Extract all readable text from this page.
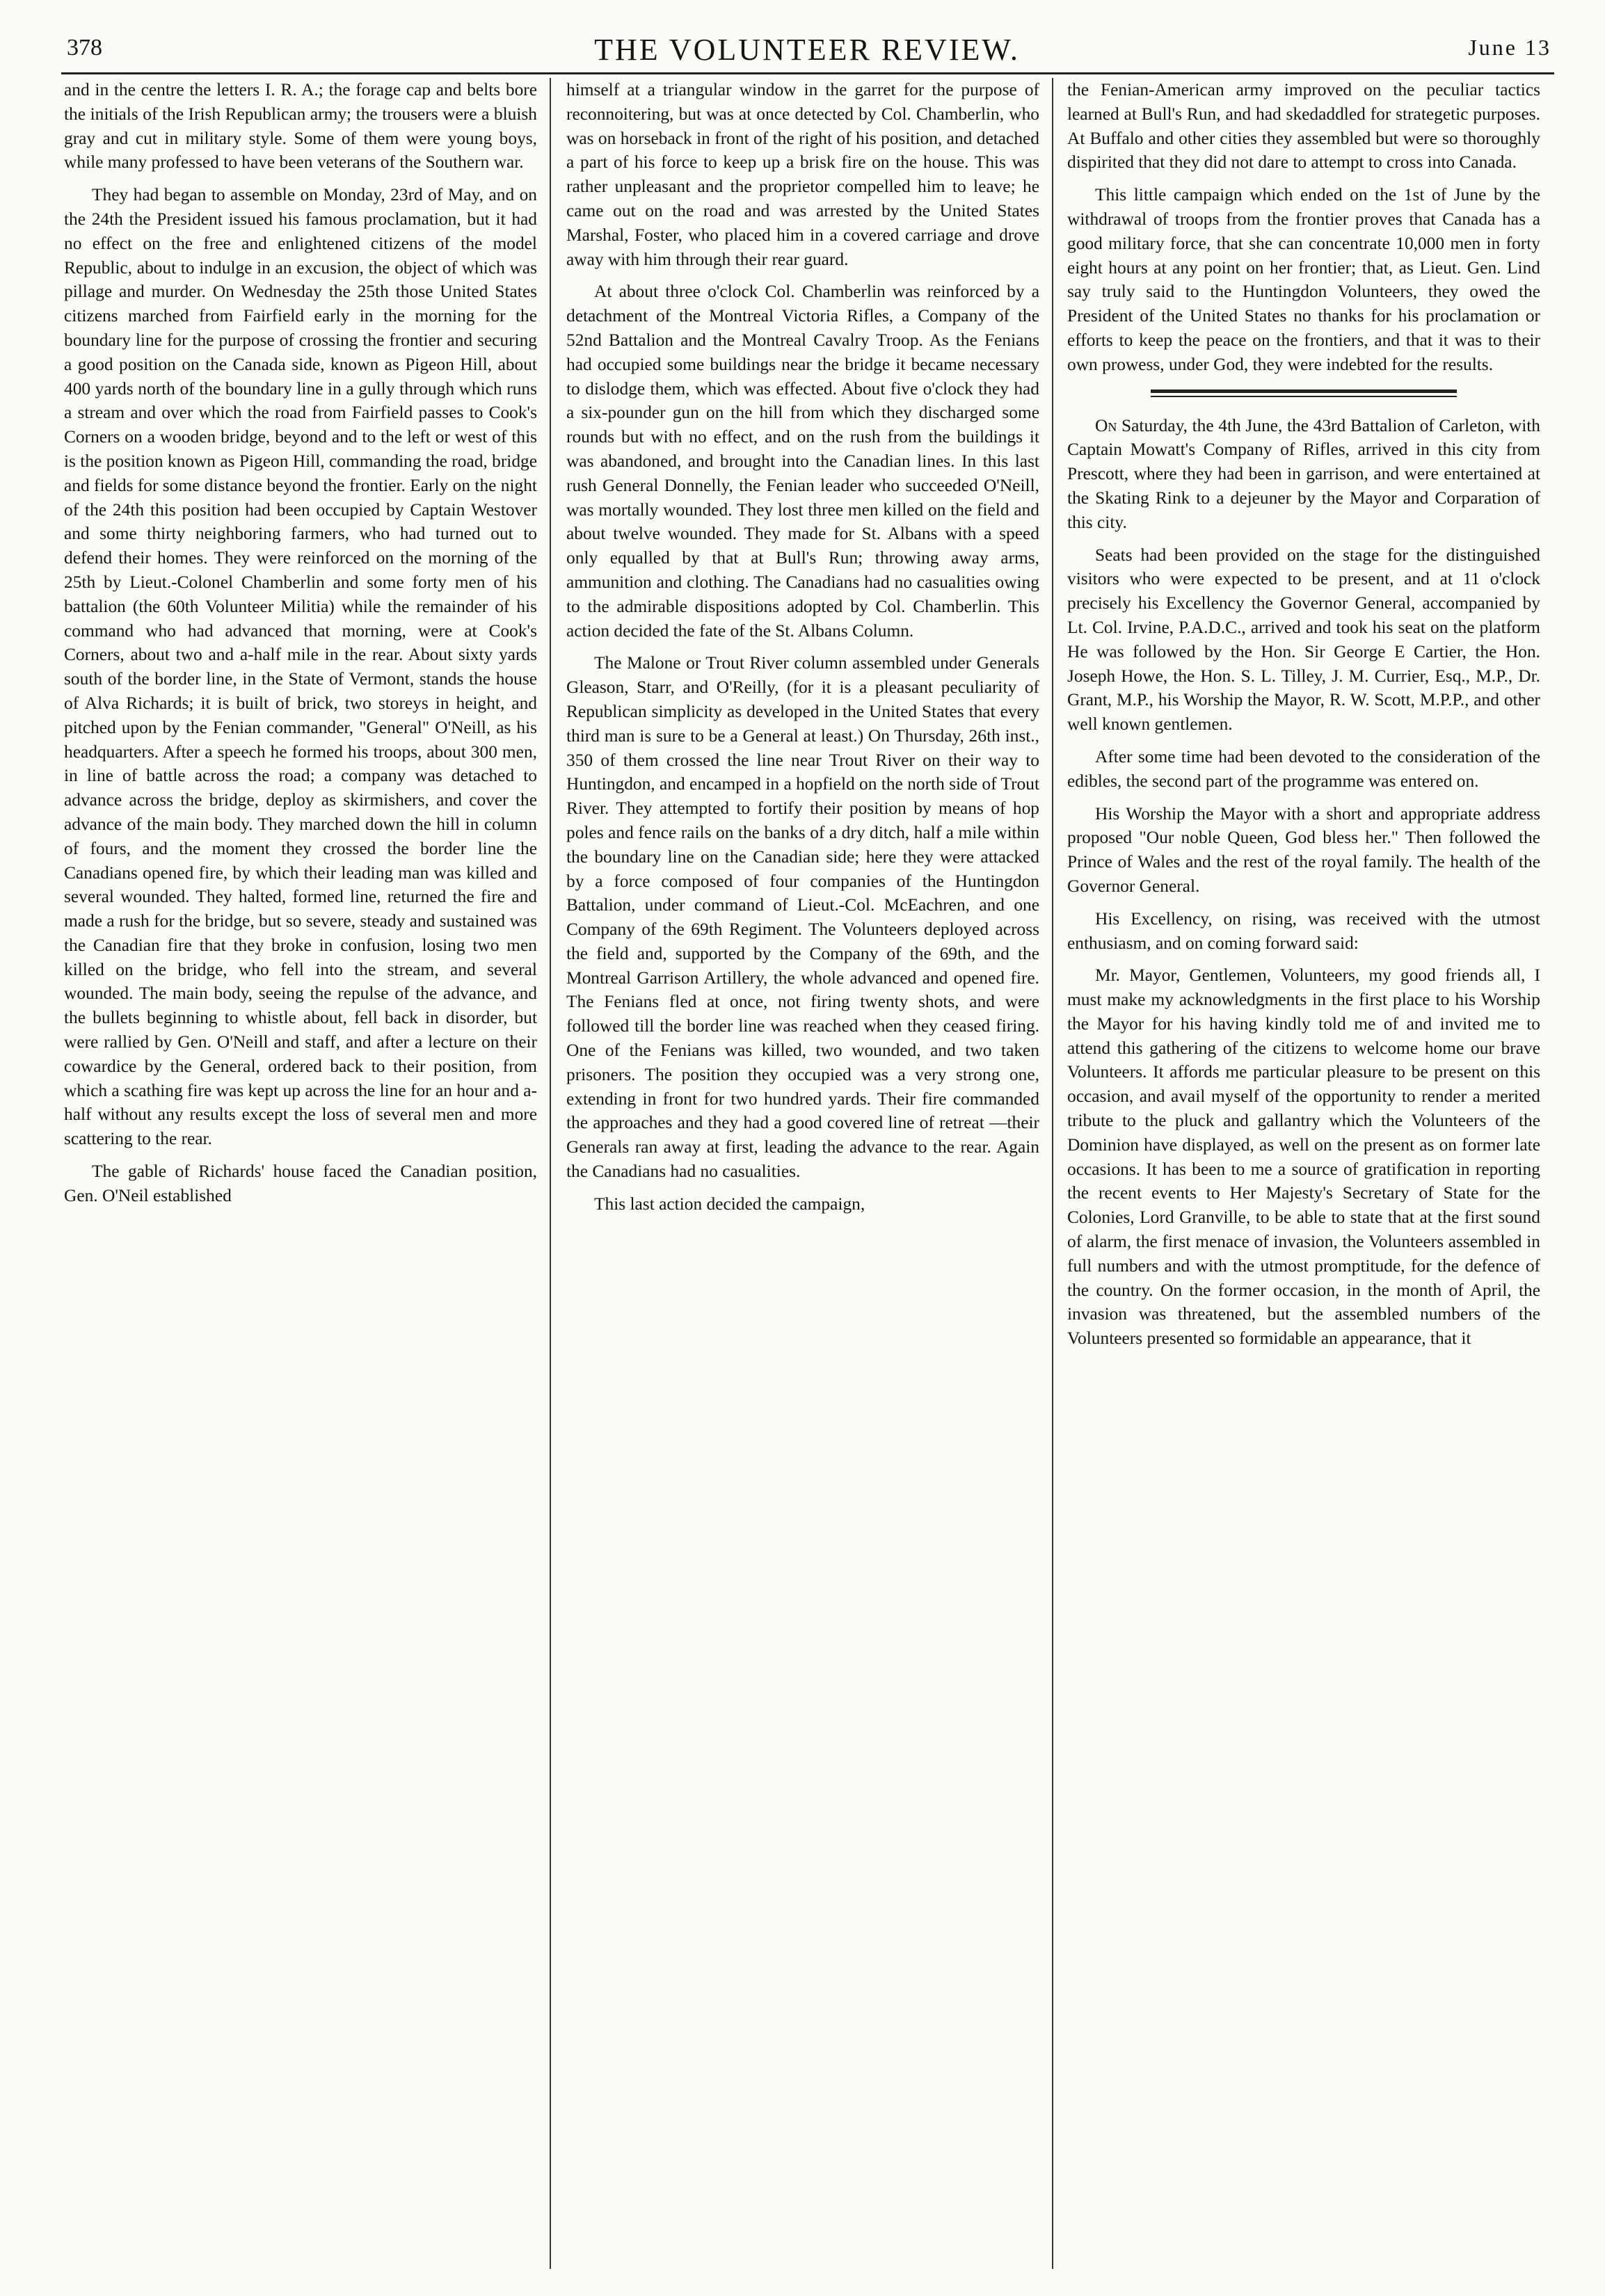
378	THE VOLUNTEER REVIEW.	June 13

and in the centre the letters I. R. A.; the forage cap and belts bore the initials of the Irish Republican army; the trousers were a bluish gray and cut in military style. Some of them were young boys, while many professed to have been veterans of the Southern war.

They had began to assemble on Monday, 23rd of May, and on the 24th the President issued his famous proclamation, but it had no effect on the free and enlightened citizens of the model Republic, about to indulge in an excusion, the object of which was pillage and murder. On Wednesday the 25th those United States citizens marched from Fairfield early in the morning for the boundary line for the purpose of crossing the frontier and securing a good position on the Canada side, known as Pigeon Hill, about 400 yards north of the boundary line in a gully through which runs a stream and over which the road from Fairfield passes to Cook's Corners on a wooden bridge, beyond and to the left or west of this is the position known as Pigeon Hill, commanding the road, bridge and fields for some distance beyond the frontier. Early on the night of the 24th this position had been occupied by Captain Westover and some thirty neighboring farmers, who had turned out to defend their homes. They were reinforced on the morning of the 25th by Lieut.-Colonel Chamberlin and some forty men of his battalion (the 60th Volunteer Militia) while the remainder of his command who had advanced that morning, were at Cook's Corners, about two and a-half mile in the rear. About sixty yards south of the border line, in the State of Vermont, stands the house of Alva Richards; it is built of brick, two storeys in height, and pitched upon by the Fenian commander, "General" O'Neill, as his headquarters. After a speech he formed his troops, about 300 men, in line of battle across the road; a company was detached to advance across the bridge, deploy as skirmishers, and cover the advance of the main body. They marched down the hill in column of fours, and the moment they crossed the border line the Canadians opened fire, by which their leading man was killed and several wounded. They halted, formed line, returned the fire and made a rush for the bridge, but so severe, steady and sustained was the Canadian fire that they broke in confusion, losing two men killed on the bridge, who fell into the stream, and several wounded. The main body, seeing the repulse of the advance, and the bullets beginning to whistle about, fell back in disorder, but were rallied by Gen. O'Neill and staff, and after a lecture on their cowardice by the General, ordered back to their position, from which a scathing fire was kept up across the line for an hour and a-half without any results except the loss of several men and more scattering to the rear.

The gable of Richards' house faced the Canadian position, Gen. O'Neil established

himself at a triangular window in the garret for the purpose of reconnoitering, but was at once detected by Col. Chamberlin, who was on horseback in front of the right of his position, and detached a part of his force to keep up a brisk fire on the house. This was rather unpleasant and the proprietor compelled him to leave; he came out on the road and was arrested by the United States Marshal, Foster, who placed him in a covered carriage and drove away with him through their rear guard.

At about three o'clock Col. Chamberlin was reinforced by a detachment of the Montreal Victoria Rifles, a Company of the 52nd Battalion and the Montreal Cavalry Troop. As the Fenians had occupied some buildings near the bridge it became necessary to dislodge them, which was effected. About five o'clock they had a six-pounder gun on the hill from which they discharged some rounds but with no effect, and on the rush from the buildings it was abandoned, and brought into the Canadian lines. In this last rush General Donnelly, the Fenian leader who succeeded O'Neill, was mortally wounded. They lost three men killed on the field and about twelve wounded. They made for St. Albans with a speed only equalled by that at Bull's Run; throwing away arms, ammunition and clothing. The Canadians had no casualities owing to the admirable dispositions adopted by Col. Chamberlin. This action decided the fate of the St. Albans Column.

The Malone or Trout River column assembled under Generals Gleason, Starr, and O'Reilly, (for it is a pleasant peculiarity of Republican simplicity as developed in the United States that every third man is sure to be a General at least.) On Thursday, 26th inst., 350 of them crossed the line near Trout River on their way to Huntingdon, and encamped in a hopfield on the north side of Trout River. They attempted to fortify their position by means of hop poles and fence rails on the banks of a dry ditch, half a mile within the boundary line on the Canadian side; here they were attacked by a force composed of four companies of the Huntingdon Battalion, under command of Lieut.-Col. McEachren, and one Company of the 69th Regiment. The Volunteers deployed across the field and, supported by the Company of the 69th, and the Montreal Garrison Artillery, the whole advanced and opened fire. The Fenians fled at once, not firing twenty shots, and were followed till the border line was reached when they ceased firing. One of the Fenians was killed, two wounded, and two taken prisoners. The position they occupied was a very strong one, extending in front for two hundred yards. Their fire commanded the approaches and they had a good covered line of retreat —their Generals ran away at first, leading the advance to the rear. Again the Canadians had no casualities.

This last action decided the campaign,

the Fenian-American army improved on the peculiar tactics learned at Bull's Run, and had skedaddled for strategetic purposes. At Buffalo and other cities they assembled but were so thoroughly dispirited that they did not dare to attempt to cross into Canada.

This little campaign which ended on the 1st of June by the withdrawal of troops from the frontier proves that Canada has a good military force, that she can concentrate 10,000 men in forty eight hours at any point on her frontier; that, as Lieut. Gen. Lind say truly said to the Huntingdon Volunteers, they owed the President of the United States no thanks for his proclamation or efforts to keep the peace on the frontiers, and that it was to their own prowess, under God, they were indebted for the results.

On Saturday, the 4th June, the 43rd Battalion of Carleton, with Captain Mowatt's Company of Rifles, arrived in this city from Prescott, where they had been in garrison, and were entertained at the Skating Rink to a dejeuner by the Mayor and Corparation of this city.

Seats had been provided on the stage for the distinguished visitors who were expected to be present, and at 11 o'clock precisely his Excellency the Governor General, accompanied by Lt. Col. Irvine, P.A.D.C., arrived and took his seat on the platform He was followed by the Hon. Sir George E Cartier, the Hon. Joseph Howe, the Hon. S. L. Tilley, J. M. Currier, Esq., M.P., Dr. Grant, M.P., his Worship the Mayor, R. W. Scott, M.P.P., and other well known gentlemen.

After some time had been devoted to the consideration of the edibles, the second part of the programme was entered on.

His Worship the Mayor with a short and appropriate address proposed "Our noble Queen, God bless her." Then followed the Prince of Wales and the rest of the royal family. The health of the Governor General.

His Excellency, on rising, was received with the utmost enthusiasm, and on coming forward said:

Mr. Mayor, Gentlemen, Volunteers, my good friends all, I must make my acknowledgments in the first place to his Worship the Mayor for his having kindly told me of and invited me to attend this gathering of the citizens to welcome home our brave Volunteers. It affords me particular pleasure to be present on this occasion, and avail myself of the opportunity to render a merited tribute to the pluck and gallantry which the Volunteers of the Dominion have displayed, as well on the present as on former late occasions. It has been to me a source of gratification in reporting the recent events to Her Majesty's Secretary of State for the Colonies, Lord Granville, to be able to state that at the first sound of alarm, the first menace of invasion, the Volunteers assembled in full numbers and with the utmost promptitude, for the defence of the country. On the former occasion, in the month of April, the invasion was threatened, but the assembled numbers of the Volunteers presented so formidable an appearance, that it
